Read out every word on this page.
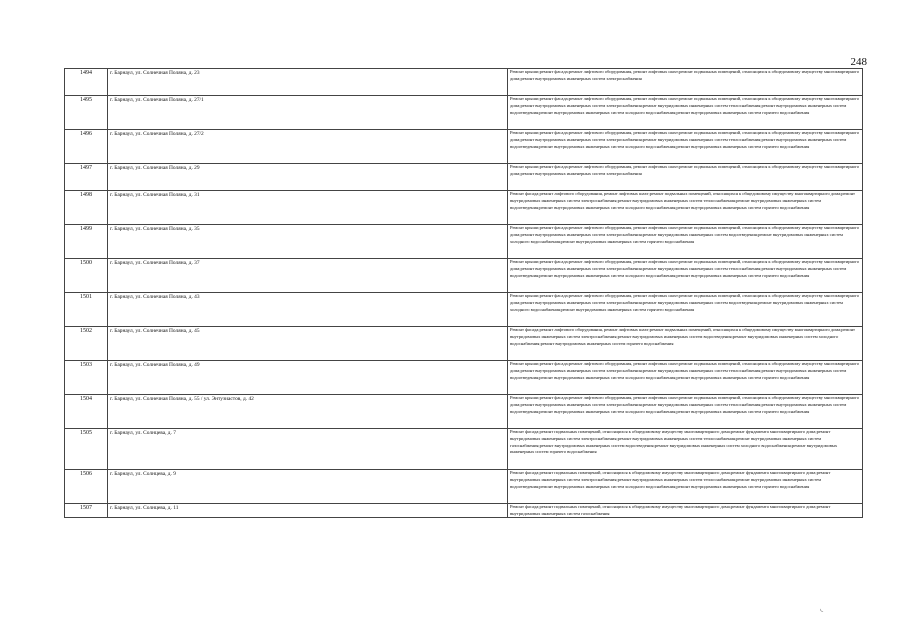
248
1494	г. Барнаул, ул. Солнечная Поляна, д. 23	Ремонт крыши;ремонт фасада;ремонт лифтового оборудования, ремонт лифтовых шахт;ремонт подвальных помещений, относящихся к общедомовому имуществу многоквартирного дома;ремонт внутридомовых инженерных систем электроснабжения

1495	г. Барнаул, ул. Солнечная Поляна, д. 27/1	Ремонт крыши;ремонт фасада;ремонт лифтового оборудования, ремонт лифтовых шахт;ремонт подвальных помещений, относящихся к общедомовому имуществу многоквартирного дома;ремонт внутридомовых инженерных систем электроснабжения;ремонт внутридомовых инженерных систем теплоснабжения;ремонт внутридомовых инженерных систем водоотведения;ремонт внутридомовых инженерных систем холодного водоснабжения;ремонт внутридомовых инженерных систем горячего водоснабжения

1496	г. Барнаул, ул. Солнечная Поляна, д. 27/2	Ремонт крыши;ремонт фасада;ремонт лифтового оборудования, ремонт лифтовых шахт;ремонт подвальных помещений, относящихся к общедомовому имуществу многоквартирного дома;ремонт внутридомовых инженерных систем электроснабжения;ремонт внутридомовых инженерных систем теплоснабжения;ремонт внутридомовых инженерных систем водоотведения;ремонт внутридомовых инженерных систем холодного водоснабжения;ремонт внутридомовых инженерных систем горячего водоснабжения

1497	г. Барнаул, ул. Солнечная Поляна, д. 29	Ремонт крыши;ремонт фасада;ремонт лифтового оборудования, ремонт лифтовых шахт;ремонт подвальных помещений, относящихся к общедомовому имуществу многоквартирного дома;ремонт внутридомовых инженерных систем электроснабжения

1498	г. Барнаул, ул. Солнечная Поляна, д. 31	Ремонт фасада;ремонт лифтового оборудования, ремонт лифтовых шахт;ремонт подвальных помещений, относящихся к общедомовому имуществу многоквартирного дома;ремонт внутридомовых инженерных систем электроснабжения;ремонт внутридомовых инженерных систем теплоснабжения;ремонт внутридомовых инженерных систем водоотведения;ремонт внутридомовых инженерных систем холодного водоснабжения;ремонт внутридомовых инженерных систем горячего водоснабжения

1499	г. Барнаул, ул. Солнечная Поляна, д. 35	Ремонт крыши;ремонт фасада;ремонт лифтового оборудования, ремонт лифтовых шахт;ремонт подвальных помещений, относящихся к общедомовому имуществу многоквартирного дома;ремонт внутридомовых инженерных систем электроснабжения;ремонт внутридомовых инженерных систем водоотведения;ремонт внутридомовых инженерных систем холодного водоснабжения;ремонт внутридомовых инженерных систем горячего водоснабжения

1500	г. Барнаул, ул. Солнечная Поляна, д. 37	Ремонт крыши;ремонт фасада;ремонт лифтового оборудования, ремонт лифтовых шахт;ремонт подвальных помещений, относящихся к общедомовому имуществу многоквартирного дома;ремонт внутридомовых инженерных систем электроснабжения;ремонт внутридомовых инженерных систем теплоснабжения;ремонт внутридомовых инженерных систем водоотведения;ремонт внутридомовых инженерных систем холодного водоснабжения;ремонт внутридомовых инженерных систем горячего водоснабжения

1501	г. Барнаул, ул. Солнечная Поляна, д. 43	Ремонт крыши;ремонт фасада;ремонт лифтового оборудования, ремонт лифтовых шахт;ремонт подвальных помещений, относящихся к общедомовому имуществу многоквартирного дома;ремонт внутридомовых инженерных систем электроснабжения;ремонт внутридомовых инженерных систем водоотведения;ремонт внутридомовых инженерных систем холодного водоснабжения;ремонт внутридомовых инженерных систем горячего водоснабжения

1502	г. Барнаул, ул. Солнечная Поляна, д. 45	Ремонт фасада;ремонт лифтового оборудования, ремонт лифтовых шахт;ремонт подвальных помещений, относящихся к общедомовому имуществу многоквартирного дома;ремонт внутридомовых инженерных систем электроснабжения;ремонт внутридомовых инженерных систем водоотведения;ремонт внутридомовых инженерных систем холодного водоснабжения;ремонт внутридомовых инженерных систем горячего водоснабжения

1503	г. Барнаул, ул. Солнечная Поляна, д. 49	Ремонт крыши;ремонт фасада;ремонт лифтового оборудования, ремонт лифтовых шахт;ремонт подвальных помещений, относящихся к общедомовому имуществу многоквартирного дома;ремонт внутридомовых инженерных систем электроснабжения;ремонт внутридомовых инженерных систем теплоснабжения;ремонт внутридомовых инженерных систем водоотведения;ремонт внутридомовых инженерных систем холодного водоснабжения;ремонт внутридомовых инженерных систем горячего водоснабжения

1504	г. Барнаул, ул. Солнечная Поляна, д. 55 / ул. Энтузиастов, д. 42	Ремонт крыши;ремонт фасада;ремонт лифтового оборудования, ремонт лифтовых шахт;ремонт подвальных помещений, относящихся к общедомовому имуществу многоквартирного дома;ремонт внутридомовых инженерных систем электроснабжения;ремонт внутридомовых инженерных систем теплоснабжения;ремонт внутридомовых инженерных систем водоотведения;ремонт внутридомовых инженерных систем холодного водоснабжения;ремонт внутридомовых инженерных систем горячего водоснабжения

1505	г. Барнаул, ул. Солнцева, д. 7	Ремонт фасада;ремонт подвальных помещений, относящихся к общедомовому имуществу многоквартирного дома;ремонт фундамента многоквартирного дома;ремонт внутридомовых инженерных систем электроснабжения;ремонт внутридомовых инженерных систем теплоснабжения;ремонт внутридомовых инженерных систем газоснабжения;ремонт внутридомовых инженерных систем водоотведения;ремонт внутридомовых инженерных систем холодного водоснабжения;ремонт внутридомовых инженерных систем горячего водоснабжения

1506	г. Барнаул, ул. Солнцева, д. 9	Ремонт фасада;ремонт подвальных помещений, относящихся к общедомовому имуществу многоквартирного дома;ремонт фундамента многоквартирного дома;ремонт внутридомовых инженерных систем электроснабжения;ремонт внутридомовых инженерных систем теплоснабжения;ремонт внутридомовых инженерных систем водоотведения;ремонт внутридомовых инженерных систем холодного водоснабжения;ремонт внутридомовых инженерных систем горячего водоснабжения

1507	г. Барнаул, ул. Солнцева, д. 11	Ремонт фасада;ремонт подвальных помещений, относящихся к общедомовому имуществу многоквартирного дома;ремонт фундамента многоквартирного дома;ремонт внутридомовых инженерных систем газоснабжения
◟
